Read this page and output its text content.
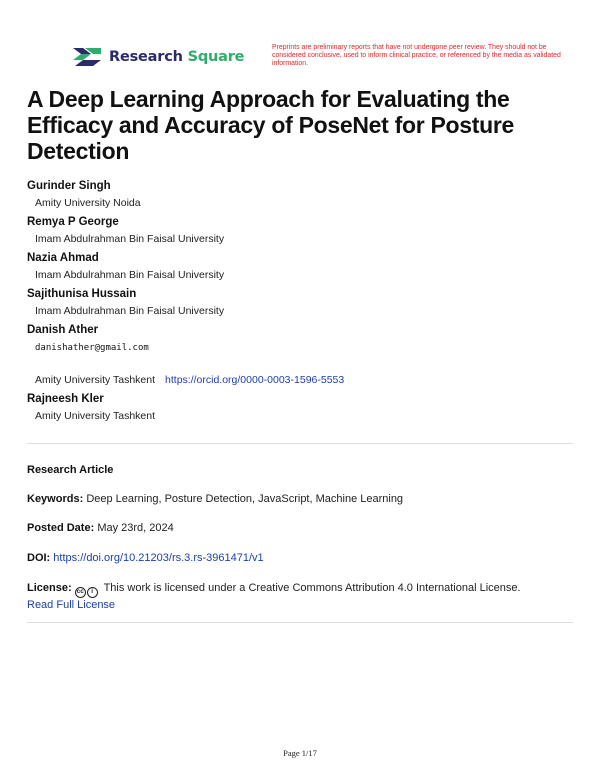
Research Square
Preprints are preliminary reports that have not undergone peer review. They should not be considered conclusive, used to inform clinical practice, or referenced by the media as validated information.
A Deep Learning Approach for Evaluating the Efficacy and Accuracy of PoseNet for Posture Detection
Gurinder Singh
Amity University Noida
Remya P George
Imam Abdulrahman Bin Faisal University
Nazia Ahmad
Imam Abdulrahman Bin Faisal University
Sajithunisa Hussain
Imam Abdulrahman Bin Faisal University
Danish Ather
danishather@gmail.com
Amity University Tashkent https://orcid.org/0000-0003-1596-5553
Rajneesh Kler
Amity University Tashkent
Research Article
Keywords: Deep Learning, Posture Detection, JavaScript, Machine Learning
Posted Date: May 23rd, 2024
DOI: https://doi.org/10.21203/rs.3.rs-3961471/v1
License: cc	i This work is licensed under a Creative Commons Attribution 4.0 International License.
Read Full License
Page 1/17
